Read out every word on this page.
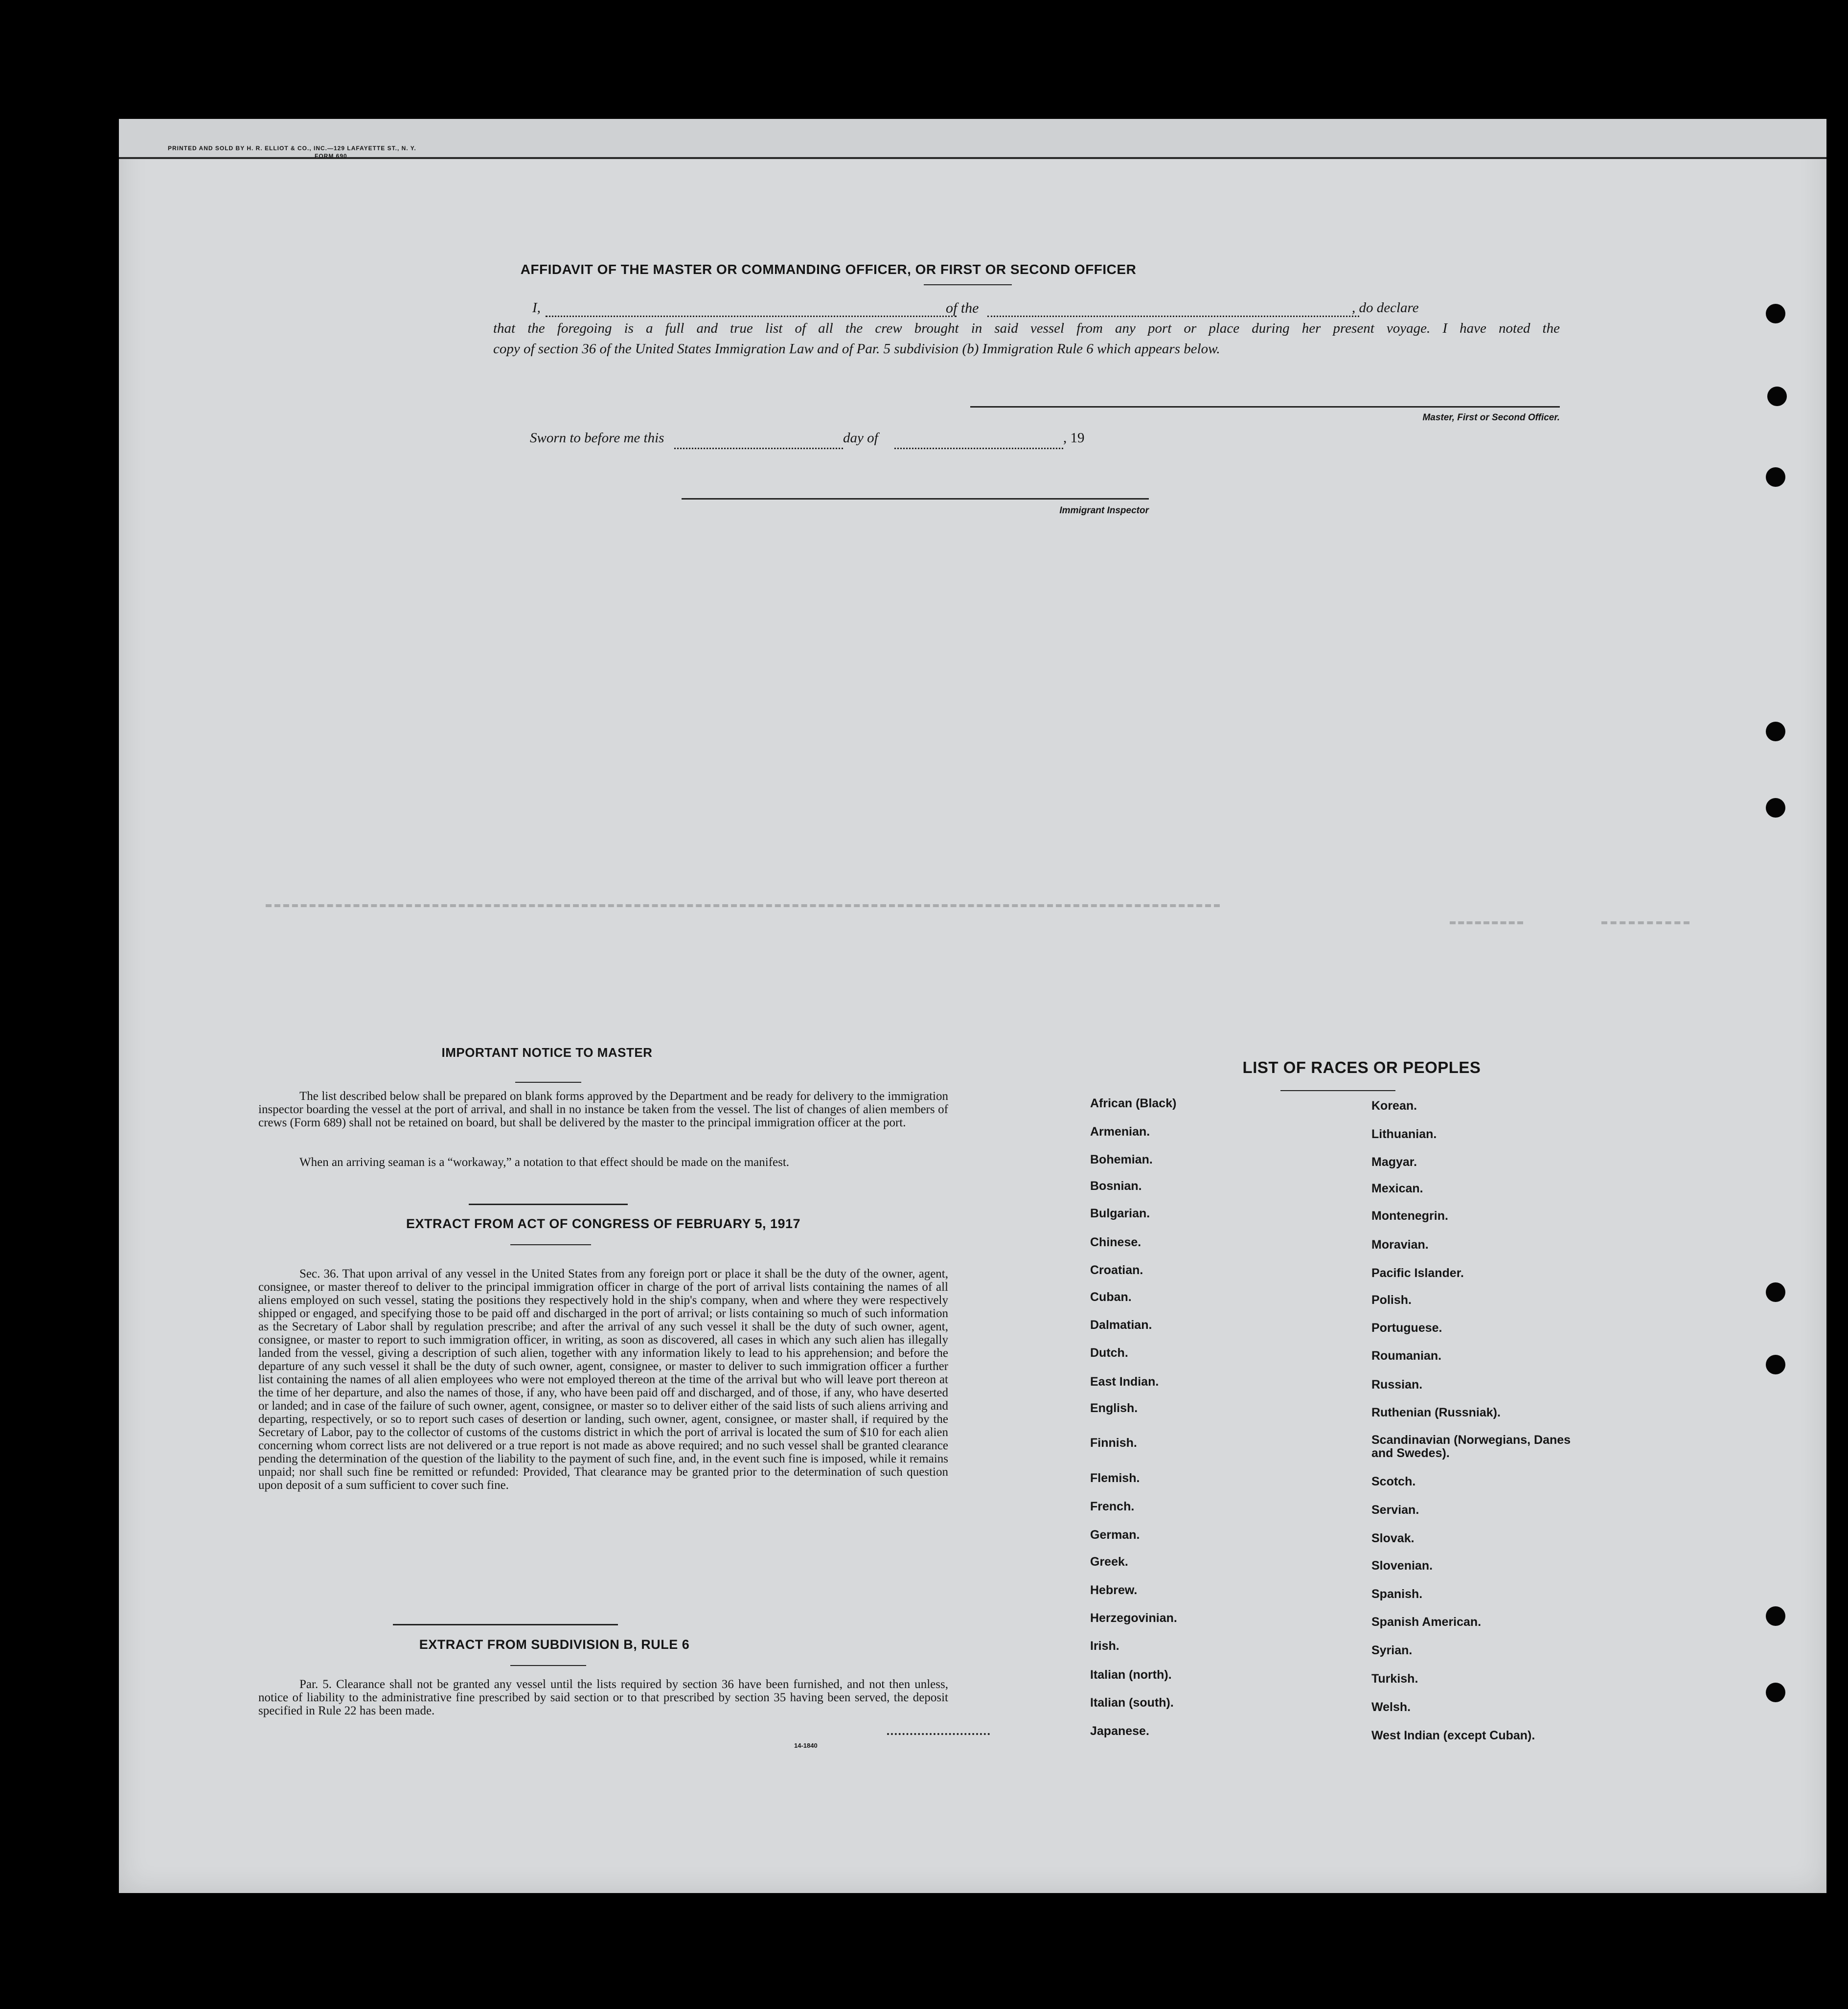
PRINTED AND SOLD BY H. R. ELLIOT & CO., INC.—129 LAFAYETTE ST., N. Y.
FORM 690
AFFIDAVIT OF THE MASTER OR COMMANDING OFFICER, OR FIRST OR SECOND OFFICER
I,	of the	, do declare
that the foregoing is a full and true list of all the crew brought in said vessel from any port or place during her present voyage. I have noted the
copy of section 36 of the United States Immigration Law and of Par. 5 subdivision (b) Immigration Rule 6 which appears below.
Master, First or Second Officer.
Sworn to before me this	day of	, 19
Immigrant Inspector
IMPORTANT NOTICE TO MASTER
The list described below shall be prepared on blank forms approved by the Department and be ready for delivery to the immigration inspector boarding the vessel at the port of arrival, and shall in no instance be taken from the vessel. The list of changes of alien members of crews (Form 689) shall not be retained on board, but shall be delivered by the master to the principal immigration officer at the port.
When an arriving seaman is a “workaway,” a notation to that effect should be made on the manifest.
EXTRACT FROM ACT OF CONGRESS OF FEBRUARY 5, 1917
Sec. 36. That upon arrival of any vessel in the United States from any foreign port or place it shall be the duty of the owner, agent, consignee, or master thereof to deliver to the principal immigration officer in charge of the port of arrival lists containing the names of all aliens employed on such vessel, stating the positions they respectively hold in the ship's company, when and where they were respectively shipped or engaged, and specifying those to be paid off and discharged in the port of arrival; or lists containing so much of such information as the Secretary of Labor shall by regulation prescribe; and after the arrival of any such vessel it shall be the duty of such owner, agent, consignee, or master to report to such immigration officer, in writing, as soon as discovered, all cases in which any such alien has illegally landed from the vessel, giving a description of such alien, together with any information likely to lead to his apprehension; and before the departure of any such vessel it shall be the duty of such owner, agent, consignee, or master to deliver to such immigration officer a further list containing the names of all alien employees who were not employed thereon at the time of the arrival but who will leave port thereon at the time of her departure, and also the names of those, if any, who have been paid off and discharged, and of those, if any, who have deserted or landed; and in case of the failure of such owner, agent, consignee, or master so to deliver either of the said lists of such aliens arriving and departing, respectively, or so to report such cases of desertion or landing, such owner, agent, consignee, or master shall, if required by the Secretary of Labor, pay to the collector of customs of the customs district in which the port of arrival is located the sum of $10 for each alien concerning whom correct lists are not delivered or a true report is not made as above required; and no such vessel shall be granted clearance pending the determination of the question of the liability to the payment of such fine, and, in the event such fine is imposed, while it remains unpaid; nor shall such fine be remitted or refunded: Provided, That clearance may be granted prior to the determination of such question upon deposit of a sum sufficient to cover such fine.
EXTRACT FROM SUBDIVISION B, RULE 6
Par. 5. Clearance shall not be granted any vessel until the lists required by section 36 have been furnished, and not then unless, notice of liability to the administrative fine prescribed by said section or to that prescribed by section 35 having been served, the deposit specified in Rule 22 has been made.
14-1840
LIST OF RACES OR PEOPLES
African (Black)
Armenian.
Bohemian.
Bosnian.
Bulgarian.
Chinese.
Croatian.
Cuban.
Dalmatian.
Dutch.
East Indian.
English.
Finnish.
Flemish.
French.
German.
Greek.
Hebrew.
Herzegovinian.
Irish.
Italian (north).
Italian (south).
Japanese.
Korean.
Lithuanian.
Magyar.
Mexican.
Montenegrin.
Moravian.
Pacific Islander.
Polish.
Portuguese.
Roumanian.
Russian.
Ruthenian (Russniak).
Scandinavian (Norwegians, Danes and Swedes).
Scotch.
Servian.
Slovak.
Slovenian.
Spanish.
Spanish American.
Syrian.
Turkish.
Welsh.
West Indian (except Cuban).
